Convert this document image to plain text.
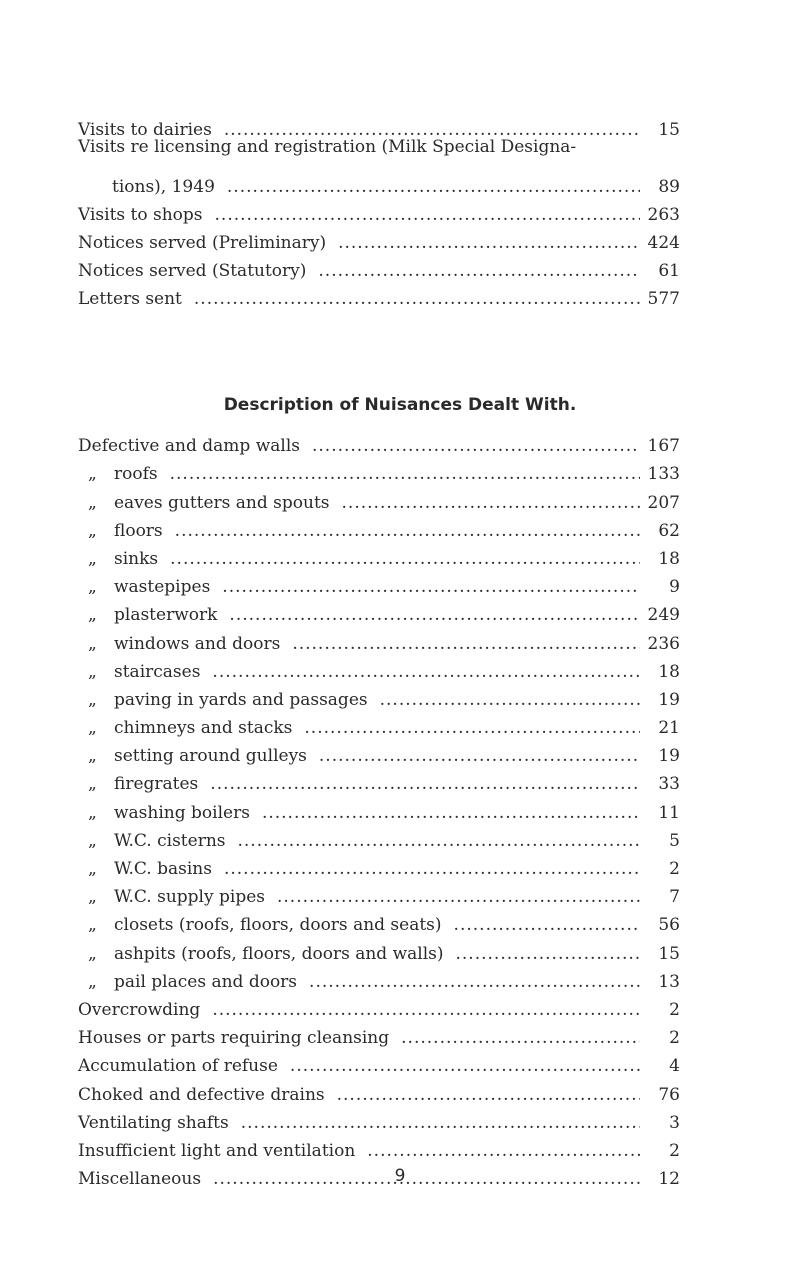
Visits to dairies .....	15
Visits re licensing and registration (Milk Special Designa-
tions), 1949 .....	89
Visits to shops .....	263
Notices served (Preliminary) .....	424
Notices served (Statutory) .....	61
Letters sent .....	577
Description of Nuisances Dealt With.
Defective and damp walls .....	167
„	roofs .....	133
„	eaves gutters and spouts .....	207
„	floors .....	62
„	sinks .....	18
„	wastepipes .....	9
„	plasterwork .....	249
„	windows and doors .....	236
„	staircases .....	18
„	paving in yards and passages .....	19
„	chimneys and stacks .....	21
„	setting around gulleys .....	19
„	firegrates .....	33
„	washing boilers .....	11
„	W.C. cisterns .....	5
„	W.C. basins .....	2
„	W.C. supply pipes .....	7
„	closets (roofs, floors, doors and seats) .....	56
„	ashpits (roofs, floors, doors and walls) .....	15
„	pail places and doors .....	13
Overcrowding .....	2
Houses or parts requiring cleansing .....	2
Accumulation of refuse .....	4
Choked and defective drains .....	76
Ventilating shafts .....	3
Insufficient light and ventilation .....	2
Miscellaneous .....	12
9
